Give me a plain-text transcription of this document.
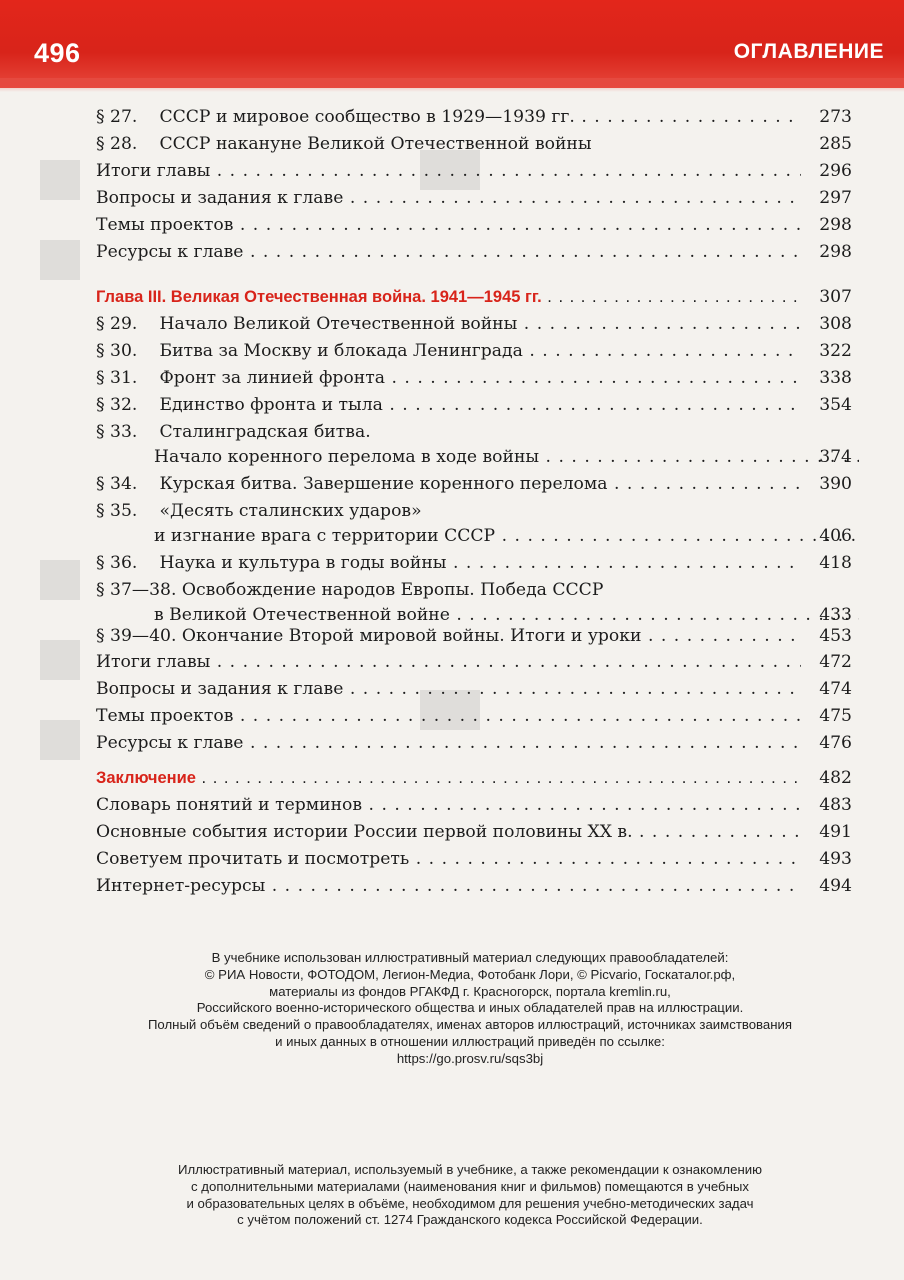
496	ОГЛАВЛЕНИЕ
§ 27. СССР и мировое сообщество в 1929—1939 гг. . . .	273
§ 28. СССР накануне Великой Отечественной войны	285
Итоги главы . . .	296
Вопросы и задания к главе . . .	297
Темы проектов . . .	298
Ресурсы к главе . . .	298
Глава III. Великая Отечественная война. 1941—1945 гг. . . .	307
§ 29. Начало Великой Отечественной войны . . .	308
§ 30. Битва за Москву и блокада Ленинграда . . .	322
§ 31. Фронт за линией фронта . . .	338
§ 32. Единство фронта и тыла . . .	354
§ 33. Сталинградская битва.
Начало коренного перелома в ходе войны . . .	374
§ 34. Курская битва. Завершение коренного перелома . . .	390
§ 35. «Десять сталинских ударов»
и изгнание врага с территории СССР . . .	406
§ 36. Наука и культура в годы войны . . .	418
§ 37—38. Освобождение народов Европы. Победа СССР
в Великой Отечественной войне . . .	433
§ 39—40. Окончание Второй мировой войны. Итоги и уроки . . .	453
Итоги главы . . .	472
Вопросы и задания к главе . . .	474
Темы проектов . . .	475
Ресурсы к главе . . .	476
Заключение . . .	482
Словарь понятий и терминов . . .	483
Основные события истории России первой половины XX в. . . .	491
Советуем прочитать и посмотреть . . .	493
Интернет-ресурсы . . .	494
В учебнике использован иллюстративный материал следующих правообладателей:
© РИА Новости, ФОТОДОМ, Легион-Медиа, Фотобанк Лори, © Picvario, Госкаталог.рф,
материалы из фондов РГАКФД г. Красногорск, портала kremlin.ru,
Российского военно-исторического общества и иных обладателей прав на иллюстрации.
Полный объём сведений о правообладателях, именах авторов иллюстраций, источниках заимствования
и иных данных в отношении иллюстраций приведён по ссылке:
https://go.prosv.ru/sqs3bj
Иллюстративный материал, используемый в учебнике, а также рекомендации к ознакомлению
с дополнительными материалами (наименования книг и фильмов) помещаются в учебных
и образовательных целях в объёме, необходимом для решения учебно-методических задач
с учётом положений ст. 1274 Гражданского кодекса Российской Федерации.
